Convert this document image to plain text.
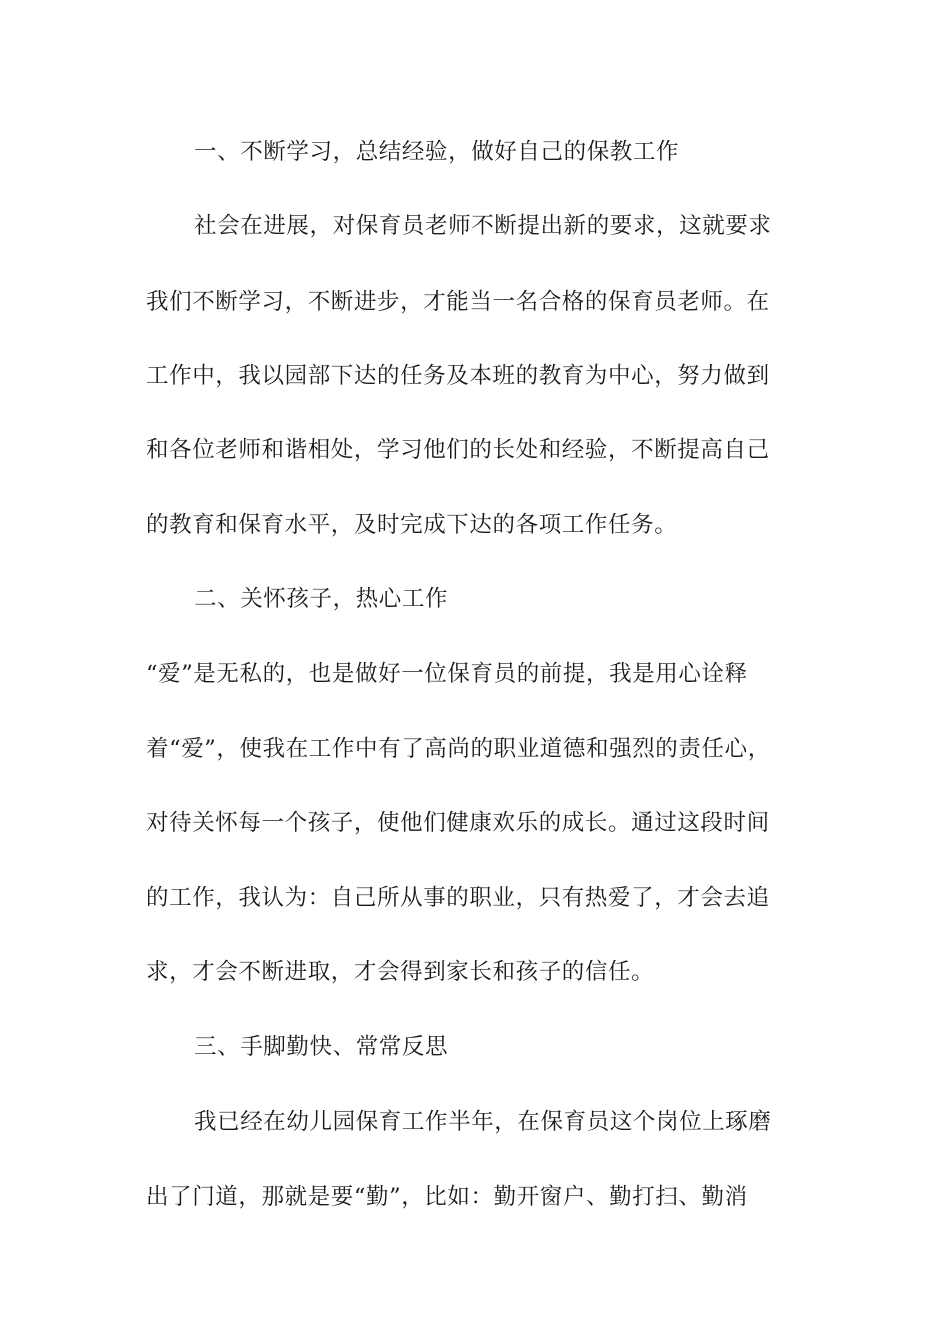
一、不断学习，总结经验，做好自己的保教工作
社会在进展，对保育员老师不断提出新的要求，这就要求
我们不断学习，不断进步，才能当一名合格的保育员老师。在
工作中，我以园部下达的任务及本班的教育为中心，努力做到
和各位老师和谐相处，学习他们的长处和经验，不断提高自己
的教育和保育水平，及时完成下达的各项工作任务。
二、关怀孩子，热心工作
“爱”是无私的，也是做好一位保育员的前提，我是用心诠释
着“爱”，使我在工作中有了高尚的职业道德和强烈的责任心，
对待关怀每一个孩子，使他们健康欢乐的成长。通过这段时间
的工作，我认为：自己所从事的职业，只有热爱了，才会去追
求，才会不断进取，才会得到家长和孩子的信任。
三、手脚勤快、常常反思
我已经在幼儿园保育工作半年，在保育员这个岗位上琢磨
出了门道，那就是要“勤”，比如：勤开窗户、勤打扫、勤消
